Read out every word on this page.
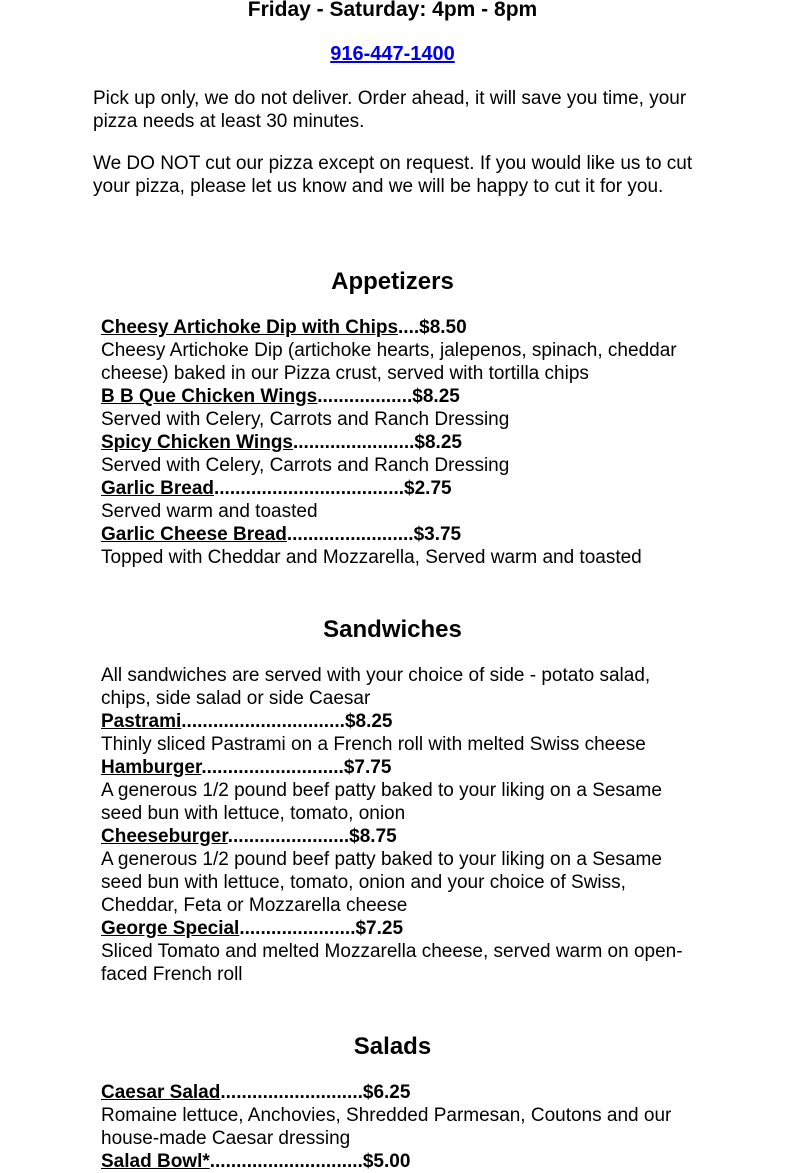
Friday - Saturday: 4pm - 8pm
916-447-1400

Pick up only, we do not deliver. Order ahead, it will save you time, your pizza needs at least 30 minutes.

We DO NOT cut our pizza except on request. If you would like us to cut your pizza, please let us know and we will be happy to cut it for you.

Appetizers
Cheesy Artichoke Dip with Chips....$8.50

Cheesy Artichoke Dip (artichoke hearts, jalepenos, spinach, cheddar cheese) baked in our Pizza crust, served with tortilla chips

B B Que Chicken Wings..................$8.25

Served with Celery, Carrots and Ranch Dressing

Spicy Chicken Wings.......................$8.25

Served with Celery, Carrots and Ranch Dressing

Garlic Bread....................................$2.75

Served warm and toasted

Garlic Cheese Bread........................$3.75

Topped with Cheddar and Mozzarella, Served warm and toasted

Sandwiches

All sandwiches are served with your choice of side - potato salad, chips, side salad or side Caesar

Pastrami...............................$8.25

Thinly sliced Pastrami on a French roll with melted Swiss cheese

Hamburger...........................$7.75

A generous 1/2 pound beef patty baked to your liking on a Sesame seed bun with lettuce, tomato, onion

Cheeseburger.......................$8.75

A generous 1/2 pound beef patty baked to your liking on a Sesame seed bun with lettuce, tomato, onion and your choice of Swiss, Cheddar, Feta or Mozzarella cheese

George Special......................$7.25

Sliced Tomato and melted Mozzarella cheese, served warm on open-faced French roll

Salads
Caesar Salad...........................$6.25

Romaine lettuce, Anchovies, Shredded Parmesan, Coutons and our house-made Caesar dressing

Salad Bowl*.............................$5.00
